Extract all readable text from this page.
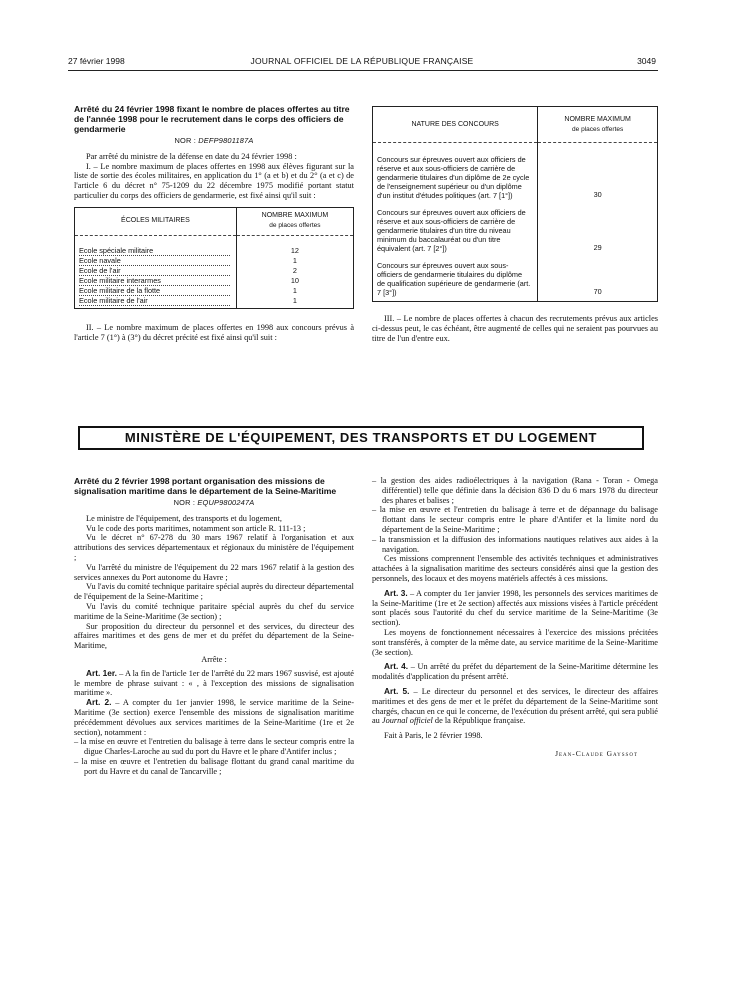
27 février 1998	JOURNAL OFFICIEL DE LA RÉPUBLIQUE FRANÇAISE	3049
Arrêté du 24 février 1998 fixant le nombre de places offertes au titre de l'année 1998 pour le recrutement dans le corps des officiers de gendarmerie
NOR : DEFP9801187A

Par arrêté du ministre de la défense en date du 24 février 1998 :

I. – Le nombre maximum de places offertes en 1998 aux élèves figurant sur la liste de sortie des écoles militaires, en application du 1° (a et b) et du 2° (a et c) de l'article 6 du décret n° 75-1209 du 22 décembre 1975 modifié portant statut particulier du corps des officiers de gendarmerie, est fixé ainsi qu'il suit :

ÉCOLES MILITAIRES	NOMBRE MAXIMUM
de places offertes

Ecole spéciale militaire	12

Ecole navale	1

Ecole de l'air	2

Ecole militaire interarmes	10

Ecole militaire de la flotte	1

Ecole militaire de l'air	1

II. – Le nombre maximum de places offertes en 1998 aux concours prévus à l'article 7 (1°) à (3°) du décret précité est fixé ainsi qu'il suit :

NATURE DES CONCOURS	NOMBRE MAXIMUM
de places offertes

Concours sur épreuves ouvert aux officiers de réserve et aux sous-officiers de carrière de gendarmerie titulaires d'un diplôme de 2e cycle de l'enseignement supérieur ou d'un diplôme d'un institut d'études politiques (art. 7 [1°])	30
Concours sur épreuves ouvert aux officiers de réserve et aux sous-officiers de carrière de gendarmerie titulaires d'un titre du niveau minimum du baccalauréat ou d'un titre équivalent (art. 7 [2°])	29
Concours sur épreuves ouvert aux sous-officiers de gendarmerie titulaires du diplôme de qualification supérieure de gendarmerie (art. 7 [3°])	70

III. – Le nombre de places offertes à chacun des recrutements prévus aux articles ci-dessus peut, le cas échéant, être augmenté de celles qui ne seraient pas pourvues au titre de l'un d'entre eux.

MINISTÈRE DE L'ÉQUIPEMENT, DES TRANSPORTS ET DU LOGEMENT
Arrêté du 2 février 1998 portant organisation des missions de signalisation maritime dans le département de la Seine-Maritime
NOR : EQUP9800247A

Le ministre de l'équipement, des transports et du logement,

Vu le code des ports maritimes, notamment son article R. 111-13 ;

Vu le décret n° 67-278 du 30 mars 1967 relatif à l'organisation et aux attributions des services départementaux et régionaux du ministère de l'équipement ;

Vu l'arrêté du ministre de l'équipement du 22 mars 1967 relatif à la gestion des services annexes du Port autonome du Havre ;

Vu l'avis du comité technique paritaire spécial auprès du directeur départemental de l'équipement de la Seine-Maritime ;

Vu l'avis du comité technique paritaire spécial auprès du chef du service maritime de la Seine-Maritime (3e section) ;

Sur proposition du directeur du personnel et des services, du directeur des affaires maritimes et des gens de mer et du préfet du département de la Seine-Maritime,

Arrête :

Art. 1er. – A la fin de l'article 1er de l'arrêté du 22 mars 1967 susvisé, est ajouté le membre de phrase suivant : « , à l'exception des missions de signalisation maritime ».

Art. 2. – A compter du 1er janvier 1998, le service maritime de la Seine-Maritime (3e section) exerce l'ensemble des missions de signalisation maritime précédemment dévolues aux services maritimes de la Seine-Maritime (1re et 2e section), notamment :

– la mise en œuvre et l'entretien du balisage à terre dans le secteur compris entre la digue Charles-Laroche au sud du port du Havre et le phare d'Antifer inclus ;

– la mise en œuvre et l'entretien du balisage flottant du grand canal maritime du port du Havre et du canal de Tancarville ;

– la gestion des aides radioélectriques à la navigation (Rana - Toran - Omega différentiel) telle que définie dans la décision 836 D du 6 mars 1978 du directeur des phares et balises ;

– la mise en œuvre et l'entretien du balisage à terre et de dépannage du balisage flottant dans le secteur compris entre le phare d'Antifer et la limite nord du département de la Seine-Maritime ;

– la transmission et la diffusion des informations nautiques relatives aux aides à la navigation.

Ces missions comprennent l'ensemble des activités techniques et administratives attachées à la signalisation maritime des secteurs considérés ainsi que la gestion des personnels, des locaux et des moyens matériels affectés à ces missions.

Art. 3. – A compter du 1er janvier 1998, les personnels des services maritimes de la Seine-Maritime (1re et 2e section) affectés aux missions visées à l'article précédent sont placés sous l'autorité du chef du service maritime de la Seine-Maritime (3e section).

Les moyens de fonctionnement nécessaires à l'exercice des missions précitées sont transférés, à compter de la même date, au service maritime de la Seine-Maritime (3e section).

Art. 4. – Un arrêté du préfet du département de la Seine-Maritime détermine les modalités d'application du présent arrêté.

Art. 5. – Le directeur du personnel et des services, le directeur des affaires maritimes et des gens de mer et le préfet du département de la Seine-Maritime sont chargés, chacun en ce qui le concerne, de l'exécution du présent arrêté, qui sera publié au Journal officiel de la République française.

Fait à Paris, le 2 février 1998.

Jean-Claude Gayssot
